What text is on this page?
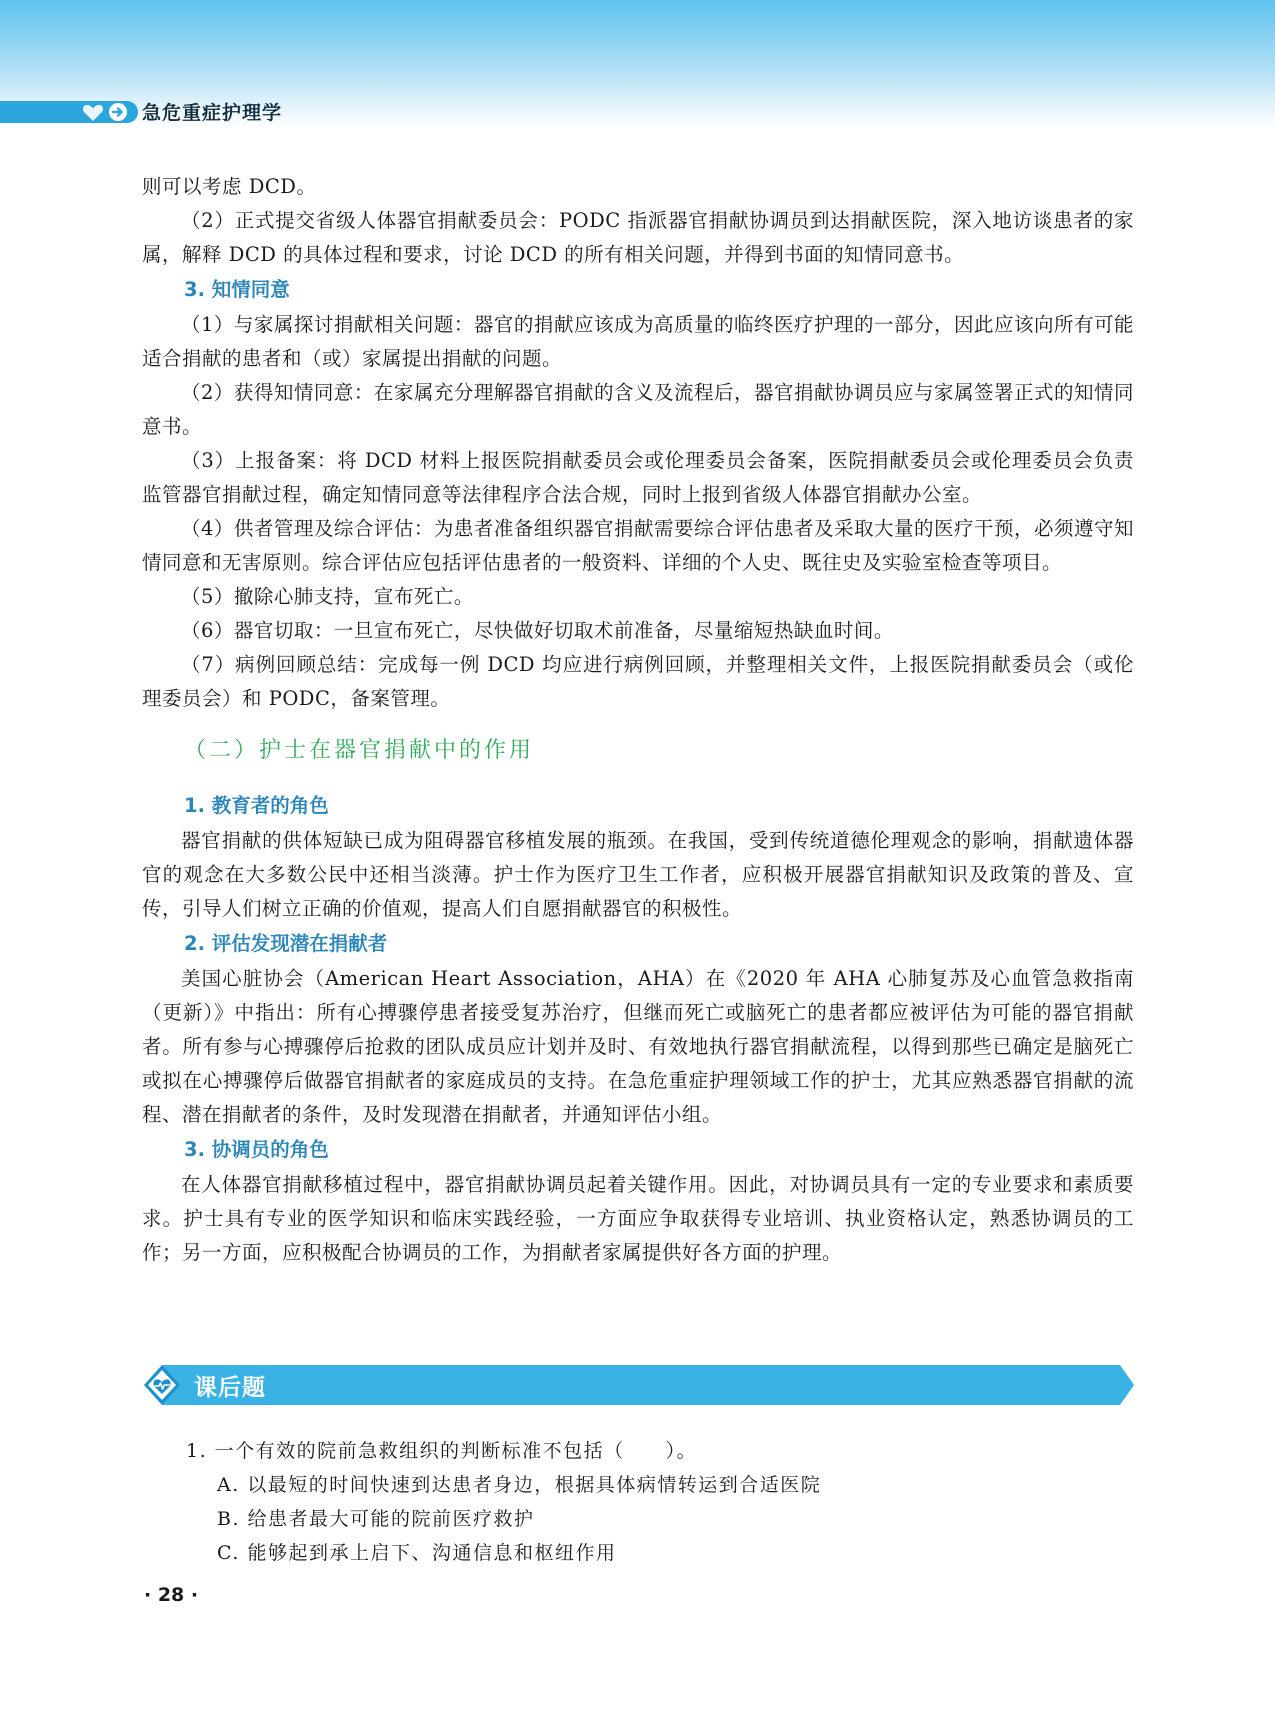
急危重症护理学

则可以考虑 DCD。

（2）正式提交省级人体器官捐献委员会：PODC 指派器官捐献协调员到达捐献医院，深入地访谈患者的家属，解释 DCD 的具体过程和要求，讨论 DCD 的所有相关问题，并得到书面的知情同意书。

3. 知情同意

（1）与家属探讨捐献相关问题：器官的捐献应该成为高质量的临终医疗护理的一部分，因此应该向所有可能适合捐献的患者和（或）家属提出捐献的问题。

（2）获得知情同意：在家属充分理解器官捐献的含义及流程后，器官捐献协调员应与家属签署正式的知情同意书。

（3）上报备案：将 DCD 材料上报医院捐献委员会或伦理委员会备案，医院捐献委员会或伦理委员会负责监管器官捐献过程，确定知情同意等法律程序合法合规，同时上报到省级人体器官捐献办公室。

（4）供者管理及综合评估：为患者准备组织器官捐献需要综合评估患者及采取大量的医疗干预，必须遵守知情同意和无害原则。综合评估应包括评估患者的一般资料、详细的个人史、既往史及实验室检查等项目。

（5）撤除心肺支持，宣布死亡。

（6）器官切取：一旦宣布死亡，尽快做好切取术前准备，尽量缩短热缺血时间。

（7）病例回顾总结：完成每一例 DCD 均应进行病例回顾，并整理相关文件，上报医院捐献委员会（或伦理委员会）和 PODC，备案管理。

（二）护士在器官捐献中的作用
1. 教育者的角色

器官捐献的供体短缺已成为阻碍器官移植发展的瓶颈。在我国，受到传统道德伦理观念的影响，捐献遗体器官的观念在大多数公民中还相当淡薄。护士作为医疗卫生工作者，应积极开展器官捐献知识及政策的普及、宣传，引导人们树立正确的价值观，提高人们自愿捐献器官的积极性。

2. 评估发现潜在捐献者

美国心脏协会（American Heart Association，AHA）在《2020 年 AHA 心肺复苏及心血管急救指南（更新）》中指出：所有心搏骤停患者接受复苏治疗，但继而死亡或脑死亡的患者都应被评估为可能的器官捐献者。所有参与心搏骤停后抢救的团队成员应计划并及时、有效地执行器官捐献流程，以得到那些已确定是脑死亡或拟在心搏骤停后做器官捐献者的家庭成员的支持。在急危重症护理领域工作的护士，尤其应熟悉器官捐献的流程、潜在捐献者的条件，及时发现潜在捐献者，并通知评估小组。

3. 协调员的角色

在人体器官捐献移植过程中，器官捐献协调员起着关键作用。因此，对协调员具有一定的专业要求和素质要求。护士具有专业的医学知识和临床实践经验，一方面应争取获得专业培训、执业资格认定，熟悉协调员的工作；另一方面，应积极配合协调员的工作，为捐献者家属提供好各方面的护理。

课后题

1. 一个有效的院前急救组织的判断标准不包括（　　）。

A. 以最短的时间快速到达患者身边，根据具体病情转运到合适医院

B. 给患者最大可能的院前医疗救护

C. 能够起到承上启下、沟通信息和枢纽作用

· 28 ·
